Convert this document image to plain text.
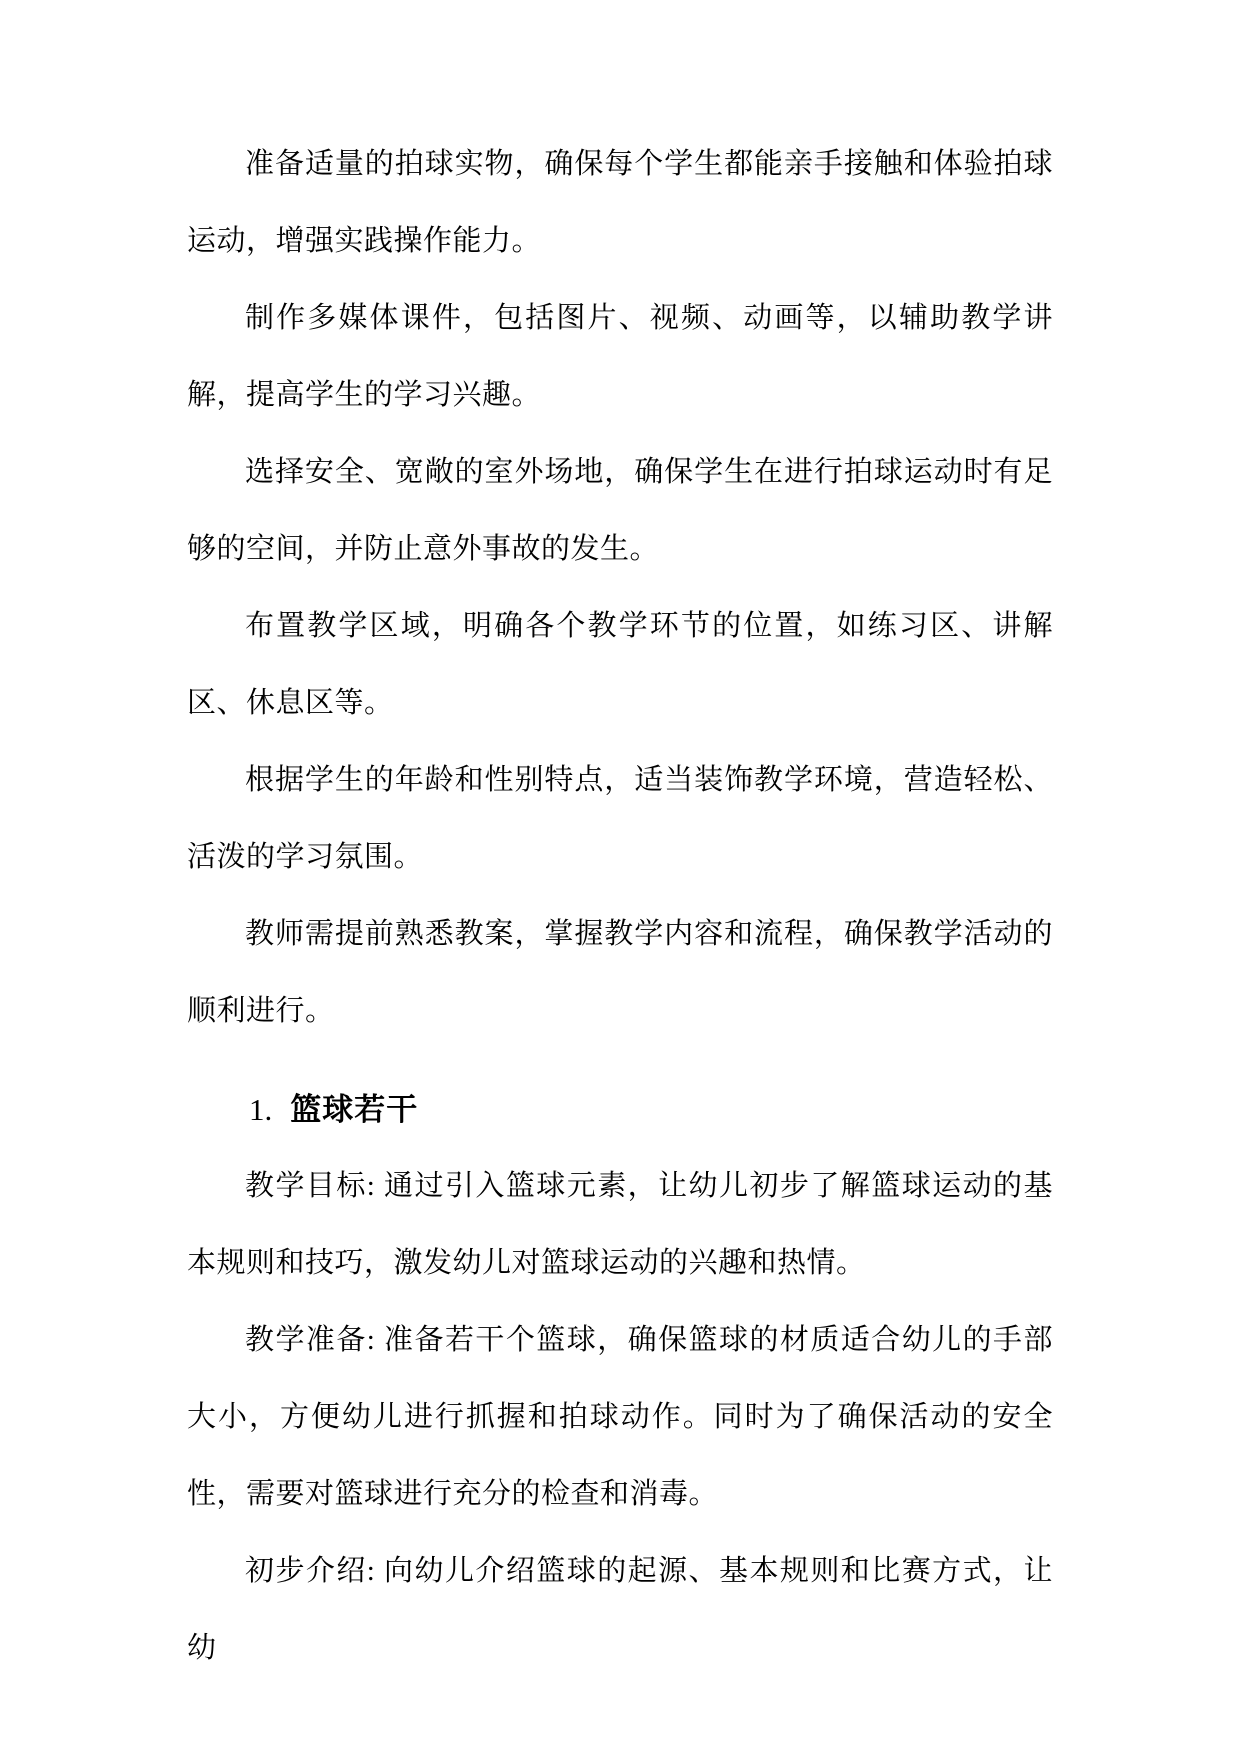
准备适量的拍球实物，确保每个学生都能亲手接触和体验拍球运动，增强实践操作能力。

制作多媒体课件，包括图片、视频、动画等，以辅助教学讲解，提高学生的学习兴趣。

选择安全、宽敞的室外场地，确保学生在进行拍球运动时有足够的空间，并防止意外事故的发生。

布置教学区域，明确各个教学环节的位置，如练习区、讲解区、休息区等。

根据学生的年龄和性别特点，适当装饰教学环境，营造轻松、活泼的学习氛围。

教师需提前熟悉教案，掌握教学内容和流程，确保教学活动的顺利进行。

1. 篮球若干

教学目标: 通过引入篮球元素，让幼儿初步了解篮球运动的基本规则和技巧，激发幼儿对篮球运动的兴趣和热情。

教学准备: 准备若干个篮球，确保篮球的材质适合幼儿的手部大小，方便幼儿进行抓握和拍球动作。同时为了确保活动的安全性，需要对篮球进行充分的检查和消毒。

初步介绍: 向幼儿介绍篮球的起源、基本规则和比赛方式，让幼
